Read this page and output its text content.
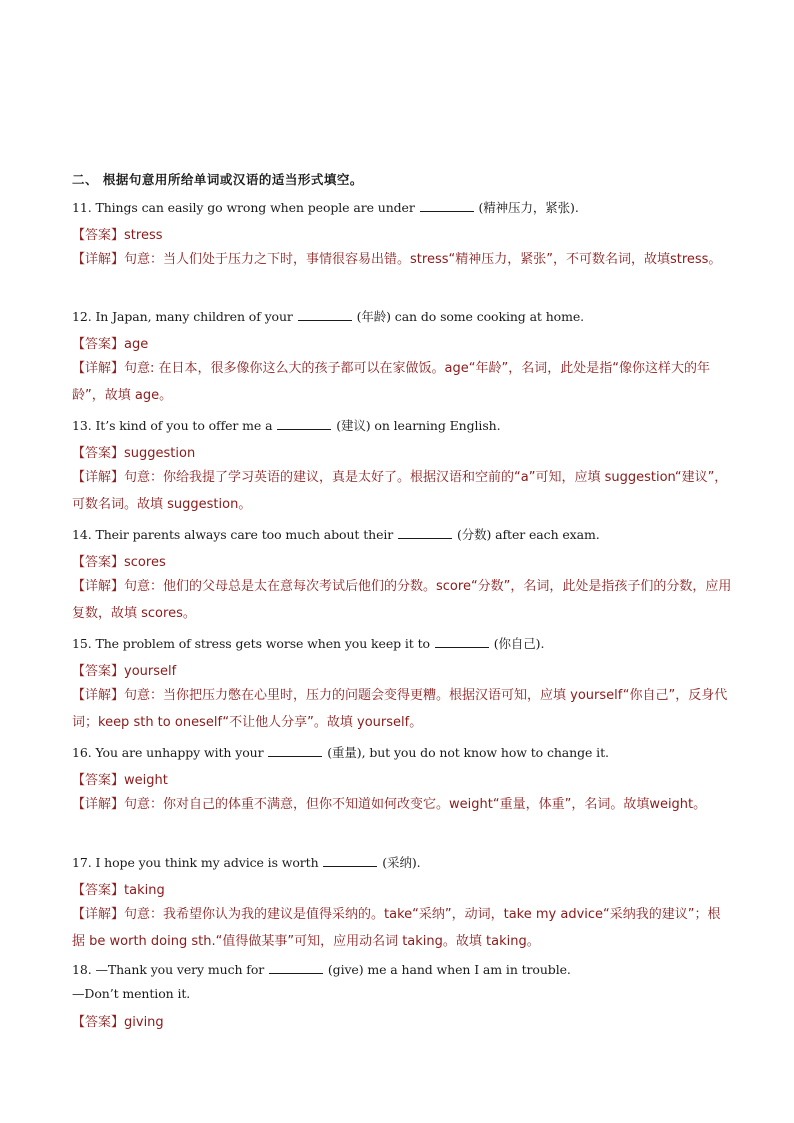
二、 根据句意用所给单词或汉语的适当形式填空。
11. Things can easily go wrong when people are under	(精神压力，紧张).
【答案】stress
【详解】句意：当人们处于压力之下时，事情很容易出错。stress“精神压力，紧张”，不可数名词，故填stress。
12. In Japan, many children of your	(年龄) can do some cooking at home.
【答案】age
【详解】句意: 在日本，很多像你这么大的孩子都可以在家做饭。age“年龄”，名词，此处是指“像你这样大的年龄”，故填 age。
13. It’s kind of you to offer me a	(建议) on learning English.
【答案】suggestion
【详解】句意：你给我提了学习英语的建议，真是太好了。根据汉语和空前的“a”可知，应填 suggestion“建议”，可数名词。故填 suggestion。
14. Their parents always care too much about their	(分数) after each exam.
【答案】scores
【详解】句意：他们的父母总是太在意每次考试后他们的分数。score“分数”，名词，此处是指孩子们的分数，应用复数，故填 scores。
15. The problem of stress gets worse when you keep it to	(你自己).
【答案】yourself
【详解】句意：当你把压力憋在心里时，压力的问题会变得更糟。根据汉语可知，应填 yourself“你自己”，反身代词；keep sth to oneself“不让他人分享”。故填 yourself。
16. You are unhappy with your	(重量), but you do not know how to change it.
【答案】weight
【详解】句意：你对自己的体重不满意，但你不知道如何改变它。weight“重量，体重”，名词。故填weight。
17. I hope you think my advice is worth	(采纳).
【答案】taking
【详解】句意：我希望你认为我的建议是值得采纳的。take“采纳”，动词，take my advice“采纳我的建议”；根据 be worth doing sth.“值得做某事”可知，应用动名词 taking。故填 taking。
18. —Thank you very much for	(give) me a hand when I am in trouble.
—Don’t mention it.
【答案】giving
